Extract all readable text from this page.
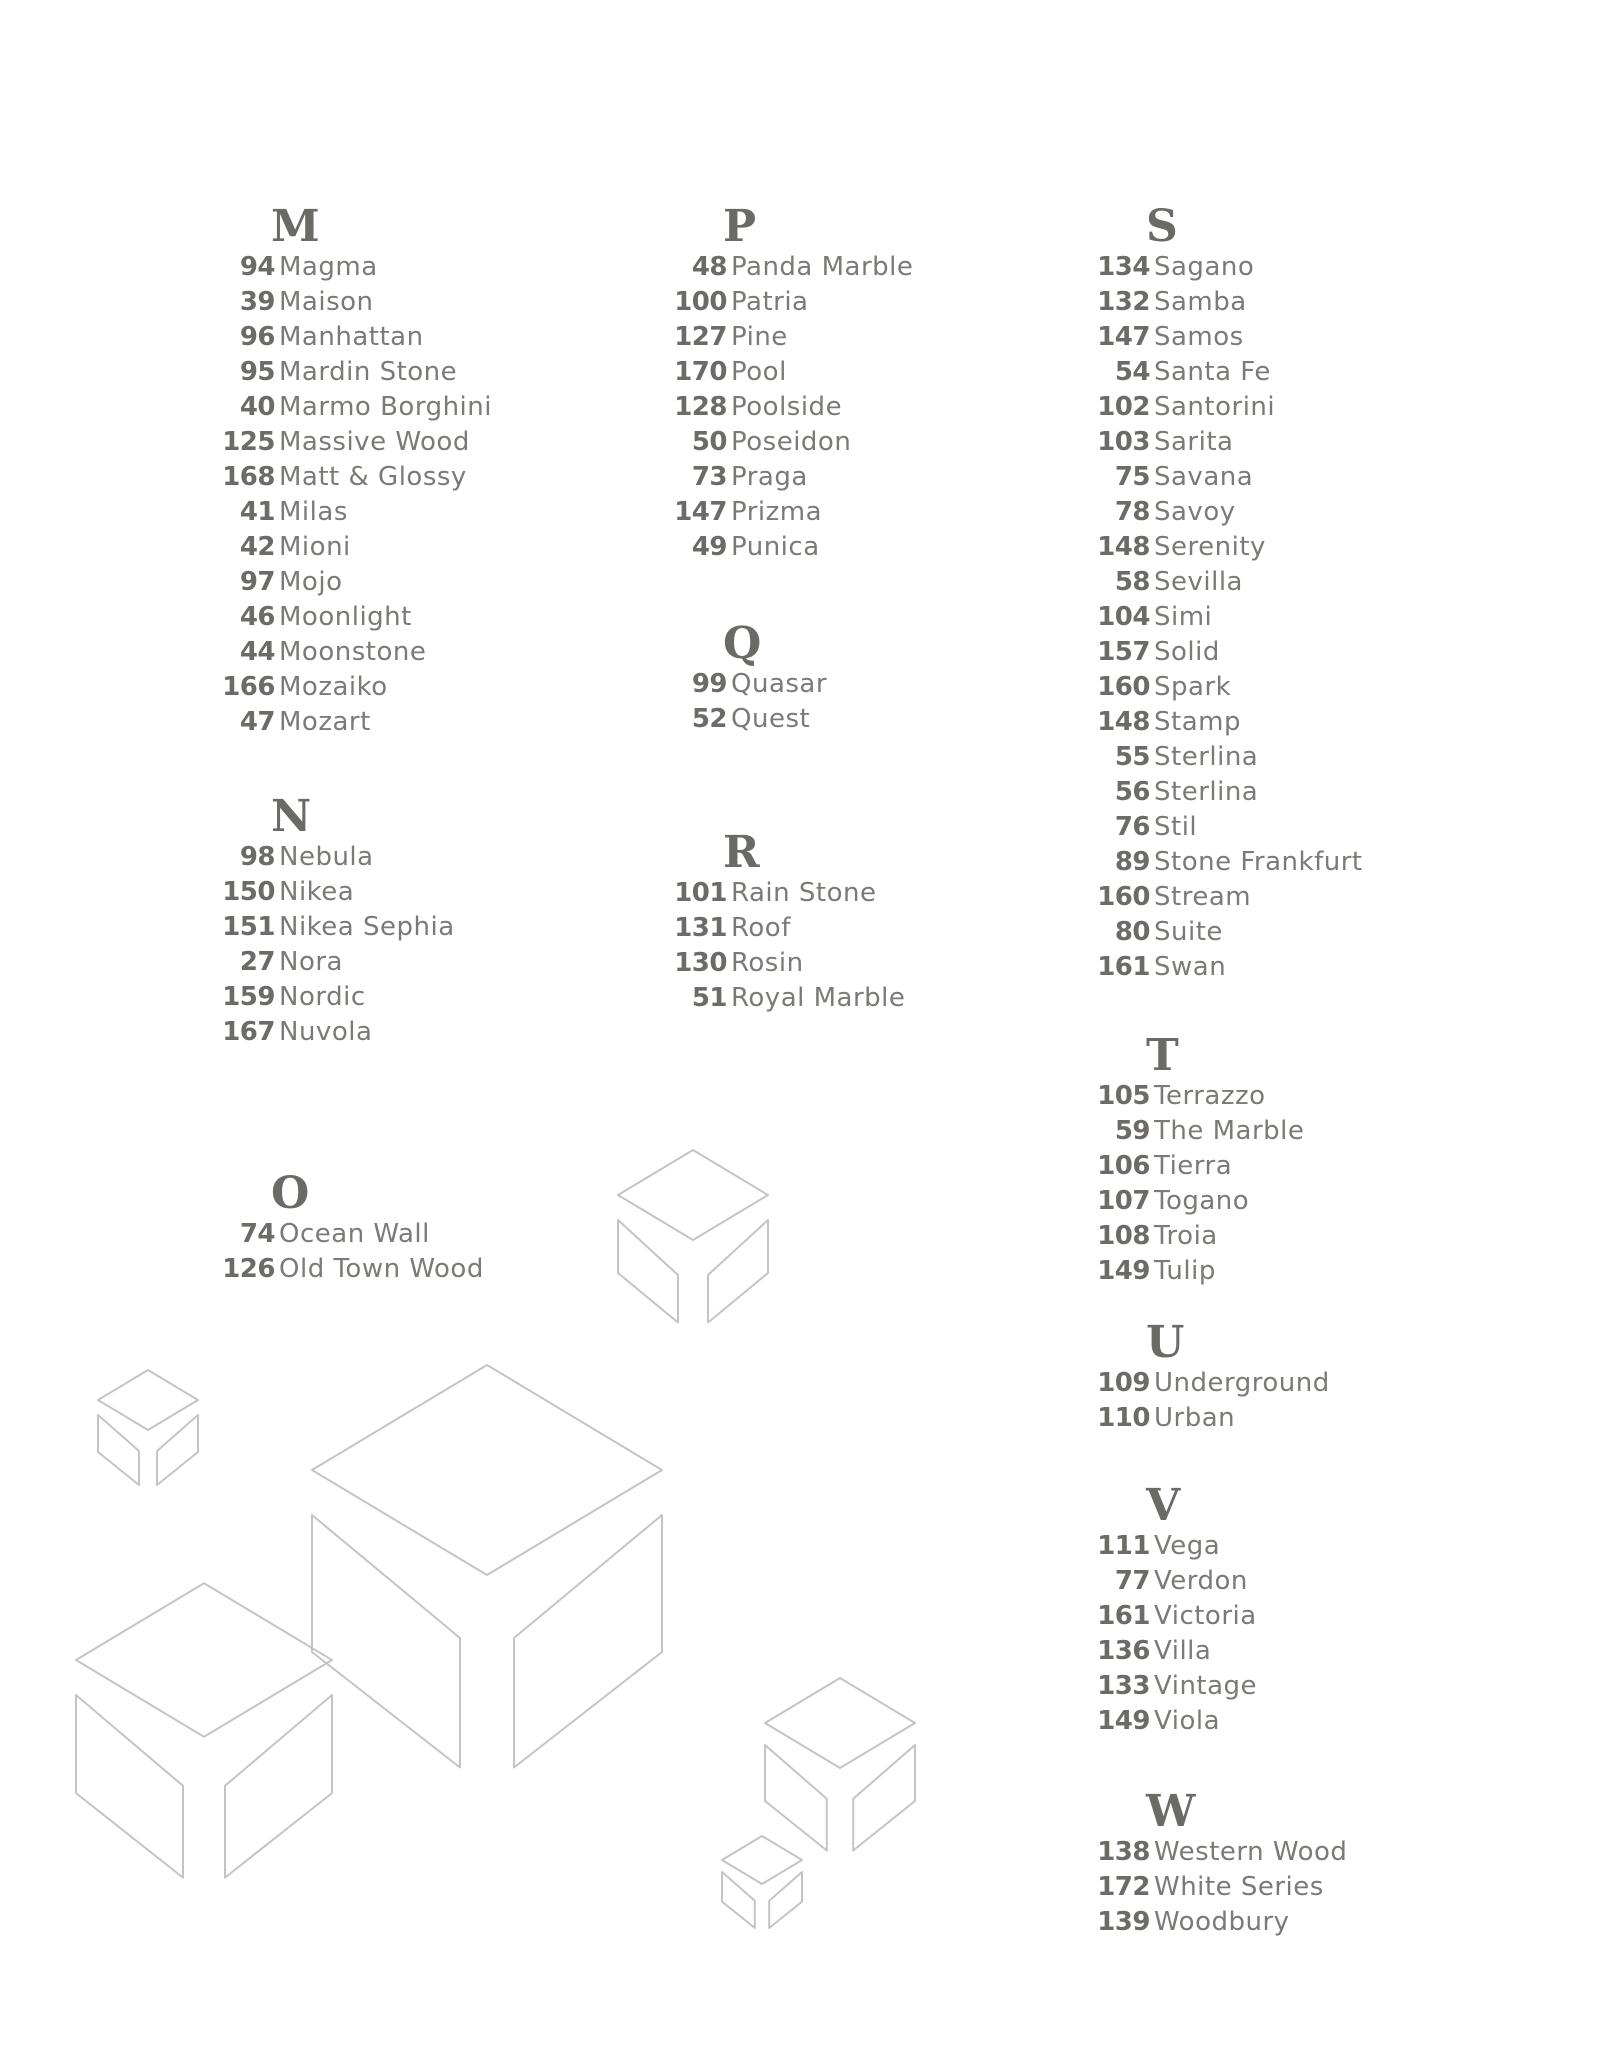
M
94 Magma
39 Maison
96 Manhattan
95 Mardin Stone
40 Marmo Borghini
125 Massive Wood
168 Matt & Glossy
41 Milas
42 Mioni
97 Mojo
46 Moonlight
44 Moonstone
166 Mozaiko
47 Mozart
N
98 Nebula
150 Nikea
151 Nikea Sephia
27 Nora
159 Nordic
167 Nuvola
O
74 Ocean Wall
126 Old Town Wood
P
48 Panda Marble
100 Patria
127 Pine
170 Pool
128 Poolside
50 Poseidon
73 Praga
147 Prizma
49 Punica
Q
99 Quasar
52 Quest
R
101 Rain Stone
131 Roof
130 Rosin
51 Royal Marble
S
134 Sagano
132 Samba
147 Samos
54 Santa Fe
102 Santorini
103 Sarita
75 Savana
78 Savoy
148 Serenity
58 Sevilla
104 Simi
157 Solid
160 Spark
148 Stamp
55 Sterlina
56 Sterlina
76 Stil
89 Stone Frankfurt
160 Stream
80 Suite
161 Swan
T
105 Terrazzo
59 The Marble
106 Tierra
107 Togano
108 Troia
149 Tulip
U
109 Underground
110 Urban
V
111 Vega
77 Verdon
161 Victoria
136 Villa
133 Vintage
149 Viola
W
138 Western Wood
172 White Series
139 Woodbury
